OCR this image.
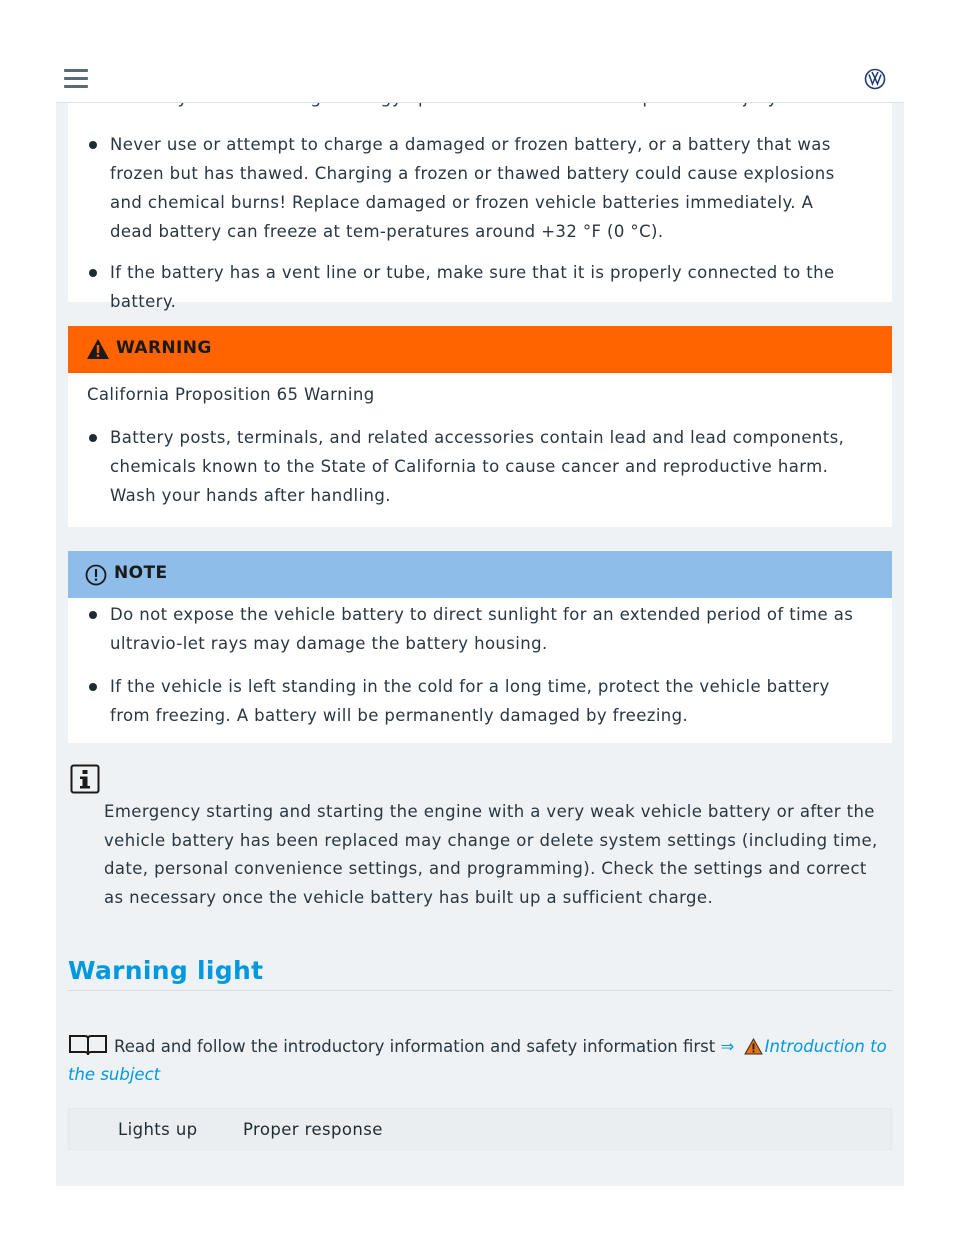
Never use or attempt to charge a damaged or frozen battery, or a battery that was frozen but has thawed. Charging a frozen or thawed battery could cause explosions and chemical burns! Replace damaged or frozen vehicle batteries immediately. A dead battery can freeze at tem-peratures around +32 °F (0 °C).
If the battery has a vent line or tube, make sure that it is properly connected to the battery.
WARNING
California Proposition 65 Warning
Battery posts, terminals, and related accessories contain lead and lead components, chemicals known to the State of California to cause cancer and reproductive harm. Wash your hands after handling.
NOTE
Do not expose the vehicle battery to direct sunlight for an extended period of time as ultravio-let rays may damage the battery housing.
If the vehicle is left standing in the cold for a long time, protect the vehicle battery from freezing. A battery will be permanently damaged by freezing.
Emergency starting and starting the engine with a very weak vehicle battery or after the vehicle battery has been replaced may change or delete system settings (including time, date, personal convenience settings, and programming). Check the settings and correct as necessary once the vehicle battery has built up a sufficient charge.
Warning light
Read and follow the introductory information and safety information first ⇒ Introduction to the subject
Lights up	Proper response
